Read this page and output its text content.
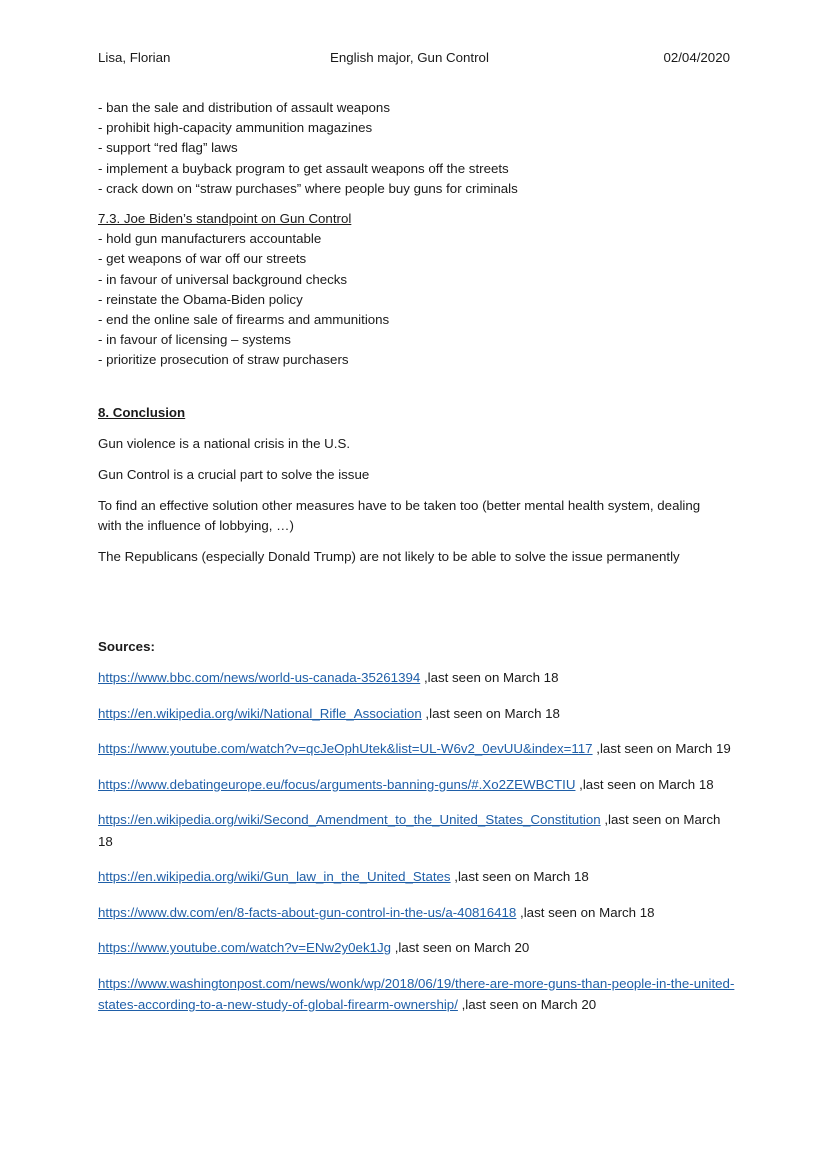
Lisa, Florian	English major, Gun Control	02/04/2020
- ban the sale and distribution of assault weapons
- prohibit high-capacity ammunition magazines
- support “red flag” laws
- implement a buyback program to get assault weapons off the streets
- crack down on “straw purchases” where people buy guns for criminals
7.3. Joe Biden’s standpoint on Gun Control
- hold gun manufacturers accountable
- get weapons of war off our streets
- in favour of universal background checks
- reinstate the Obama-Biden policy
- end the online sale of firearms and ammunitions
- in favour of licensing – systems
- prioritize prosecution of straw purchasers
8. Conclusion
Gun violence is a national crisis in the U.S.
Gun Control is a crucial part to solve the issue
To find an effective solution other measures have to be taken too (better mental health system, dealing with the influence of lobbying, …)
The Republicans (especially Donald Trump) are not likely to be able to solve the issue permanently
Sources:
https://www.bbc.com/news/world-us-canada-35261394 ,last seen on March 18
https://en.wikipedia.org/wiki/National_Rifle_Association ,last seen on March 18
https://www.youtube.com/watch?v=qcJeOphUtek&list=UL-W6v2_0evUU&index=117 ,last seen on March 19
https://www.debatingeurope.eu/focus/arguments-banning-guns/#.Xo2ZEWBCTIU ,last seen on March 18
https://en.wikipedia.org/wiki/Second_Amendment_to_the_United_States_Constitution ,last seen on March 18
https://en.wikipedia.org/wiki/Gun_law_in_the_United_States ,last seen on March 18
https://www.dw.com/en/8-facts-about-gun-control-in-the-us/a-40816418 ,last seen on March 18
https://www.youtube.com/watch?v=ENw2y0ek1Jg ,last seen on March 20
https://www.washingtonpost.com/news/wonk/wp/2018/06/19/there-are-more-guns-than-people-in-the-united-states-according-to-a-new-study-of-global-firearm-ownership/ ,last seen on March 20
